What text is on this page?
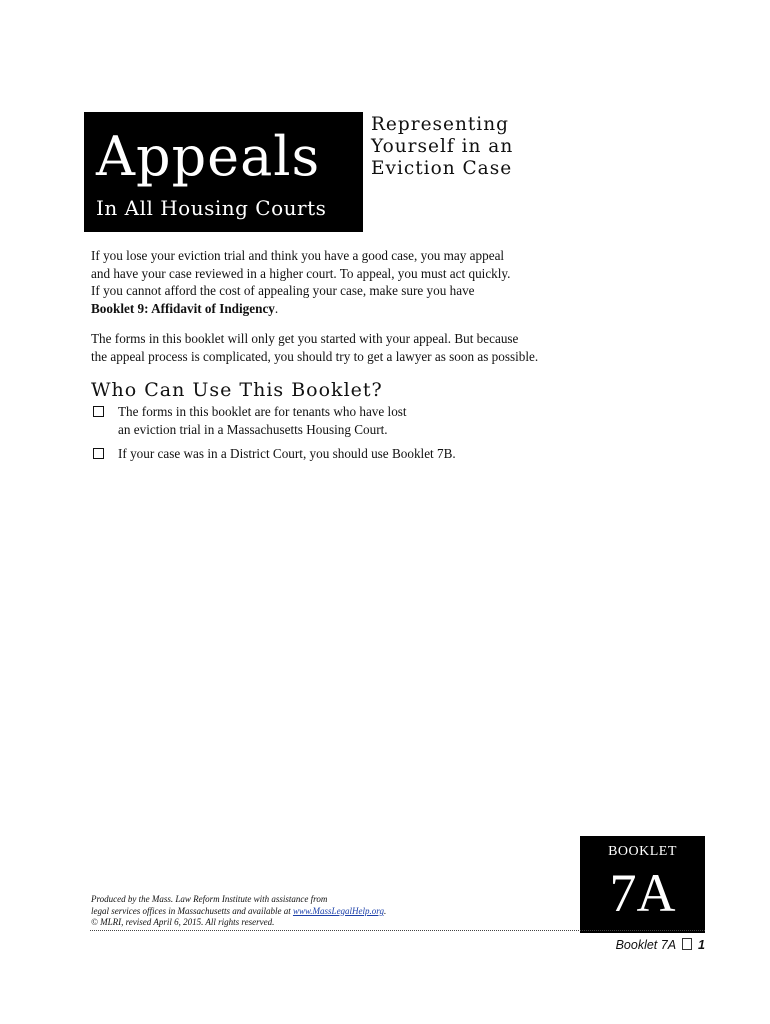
Appeals
In All Housing Courts
Representing
Yourself in an
Eviction Case
If you lose your eviction trial and think you have a good case, you may appeal
and have your case reviewed in a higher court. To appeal, you must act quickly.
If you cannot afford the cost of appealing your case, make sure you have
Booklet 9: Affidavit of Indigency.
The forms in this booklet will only get you started with your appeal. But because
the appeal process is complicated, you should try to get a lawyer as soon as possible.
Who Can Use This Booklet?
The forms in this booklet are for tenants who have lost
an eviction trial in a Massachusetts Housing Court.
If your case was in a District Court, you should use Booklet 7B.
BOOKLET
7A
Produced by the Mass. Law Reform Institute with assistance from
legal services offices in Massachusetts and available at www.MassLegalHelp.org.
© MLRI, revised April 6, 2015. All rights reserved.
Booklet 7A 1
